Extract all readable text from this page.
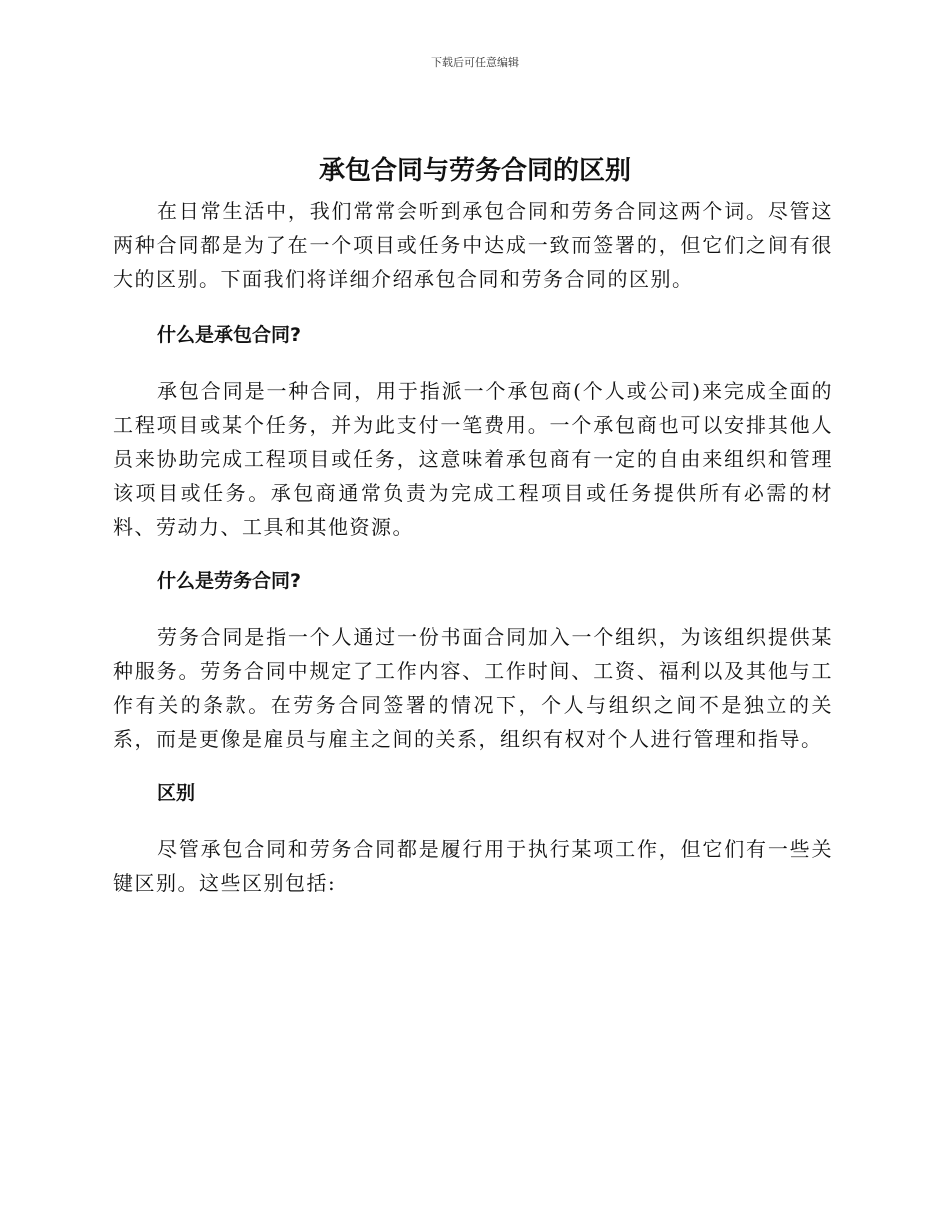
下载后可任意编辑
承包合同与劳务合同的区别

在日常生活中，我们常常会听到承包合同和劳务合同这两个词。尽管这两种合同都是为了在一个项目或任务中达成一致而签署的，但它们之间有很大的区别。下面我们将详细介绍承包合同和劳务合同的区别。

什么是承包合同?

承包合同是一种合同，用于指派一个承包商(个人或公司)来完成全面的工程项目或某个任务，并为此支付一笔费用。一个承包商也可以安排其他人员来协助完成工程项目或任务，这意味着承包商有一定的自由来组织和管理该项目或任务。承包商通常负责为完成工程项目或任务提供所有必需的材料、劳动力、工具和其他资源。

什么是劳务合同?

劳务合同是指一个人通过一份书面合同加入一个组织，为该组织提供某种服务。劳务合同中规定了工作内容、工作时间、工资、福利以及其他与工作有关的条款。在劳务合同签署的情况下，个人与组织之间不是独立的关系，而是更像是雇员与雇主之间的关系，组织有权对个人进行管理和指导。

区别

尽管承包合同和劳务合同都是履行用于执行某项工作，但它们有一些关键区别。这些区别包括:
